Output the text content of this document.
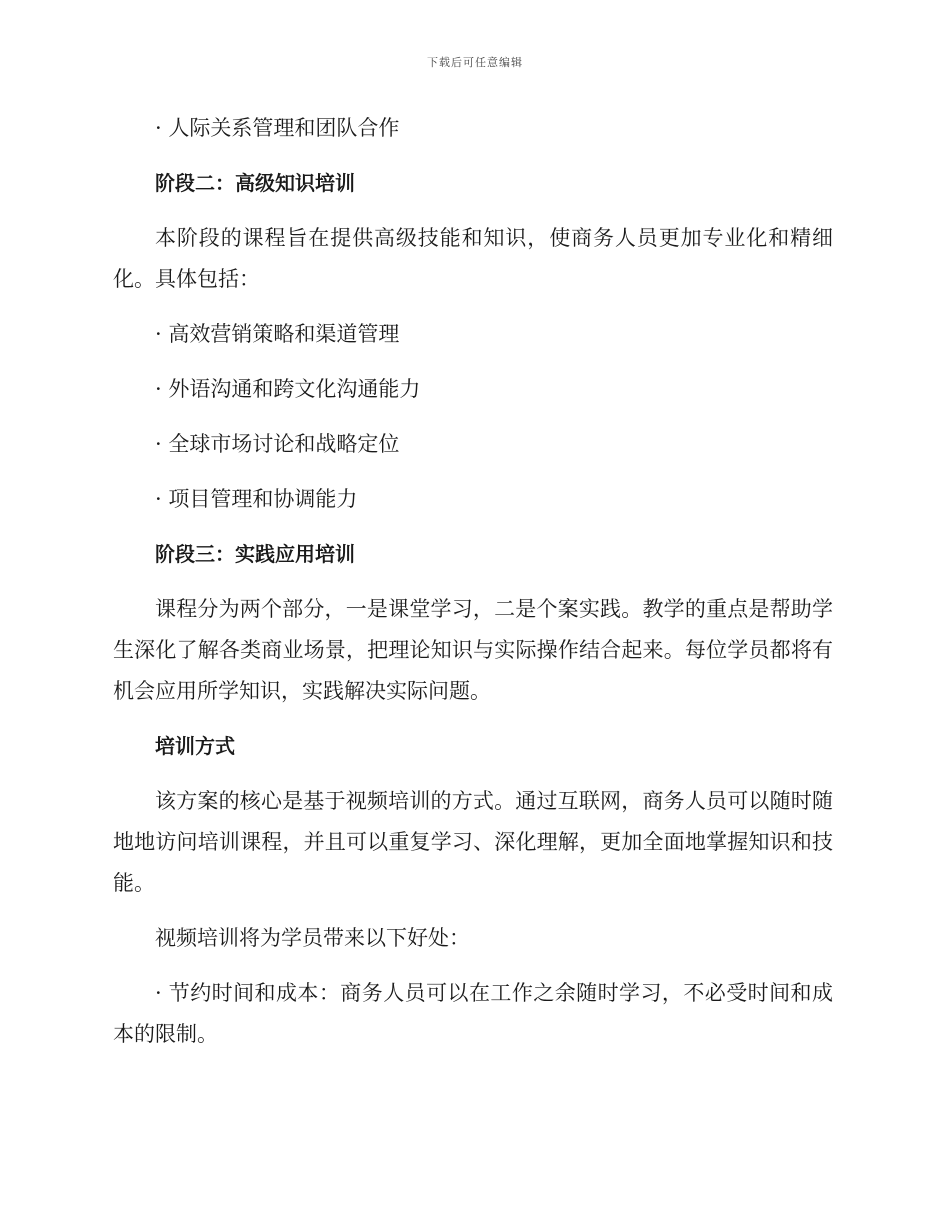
下载后可任意编辑

· 人际关系管理和团队合作

阶段二：高级知识培训

本阶段的课程旨在提供高级技能和知识，使商务人员更加专业化和精细化。具体包括：

· 高效营销策略和渠道管理

· 外语沟通和跨文化沟通能力

· 全球市场讨论和战略定位

· 项目管理和协调能力

阶段三：实践应用培训

课程分为两个部分，一是课堂学习，二是个案实践。教学的重点是帮助学生深化了解各类商业场景，把理论知识与实际操作结合起来。每位学员都将有机会应用所学知识，实践解决实际问题。

培训方式

该方案的核心是基于视频培训的方式。通过互联网，商务人员可以随时随地地访问培训课程，并且可以重复学习、深化理解，更加全面地掌握知识和技能。

视频培训将为学员带来以下好处：

· 节约时间和成本：商务人员可以在工作之余随时学习，不必受时间和成本的限制。
